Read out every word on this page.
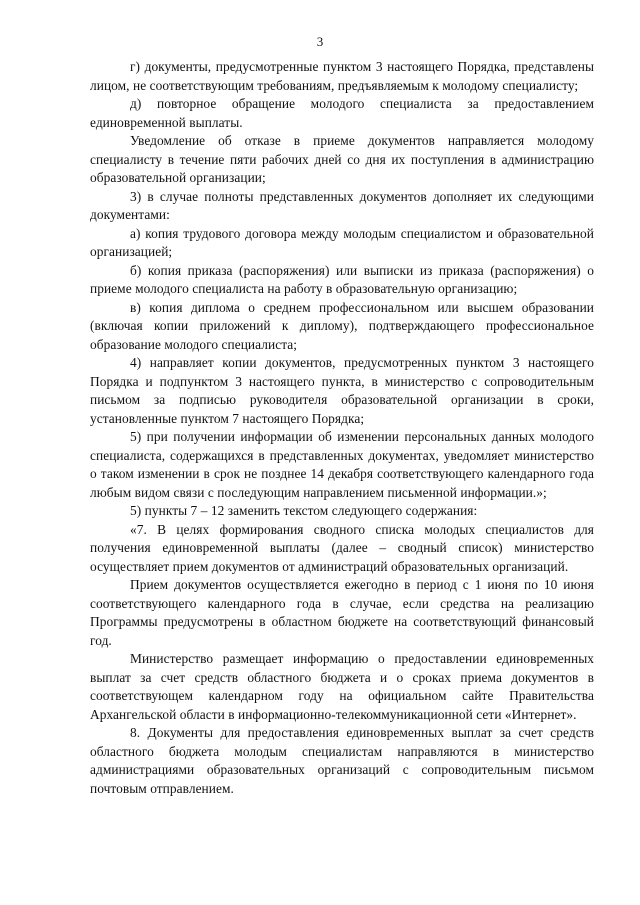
3

г) документы, предусмотренные пунктом 3 настоящего Порядка, представлены лицом, не соответствующим требованиям, предъявляемым к молодому специалисту;

д) повторное обращение молодого специалиста за предоставлением единовременной выплаты.

Уведомление об отказе в приеме документов направляется молодому специалисту в течение пяти рабочих дней со дня их поступления в администрацию образовательной организации;

3) в случае полноты представленных документов дополняет их следующими документами:

а) копия трудового договора между молодым специалистом и образовательной организацией;

б) копия приказа (распоряжения) или выписки из приказа (распоряжения) о приеме молодого специалиста на работу в образовательную организацию;

в) копия диплома о среднем профессиональном или высшем образовании (включая копии приложений к диплому), подтверждающего профессиональное образование молодого специалиста;

4) направляет копии документов, предусмотренных пунктом 3 настоящего Порядка и подпунктом 3 настоящего пункта, в министерство с сопроводительным письмом за подписью руководителя образовательной организации в сроки, установленные пунктом 7 настоящего Порядка;

5) при получении информации об изменении персональных данных молодого специалиста, содержащихся в представленных документах, уведомляет министерство о таком изменении в срок не позднее 14 декабря соответствующего календарного года любым видом связи с последующим направлением письменной информации.»;

5) пункты 7 – 12 заменить текстом следующего содержания:

«7. В целях формирования сводного списка молодых специалистов для получения единовременной выплаты (далее – сводный список) министерство осуществляет прием документов от администраций образовательных организаций.

Прием документов осуществляется ежегодно в период с 1 июня по 10 июня соответствующего календарного года в случае, если средства на реализацию Программы предусмотрены в областном бюджете на соответствующий финансовый год.

Министерство размещает информацию о предоставлении единовременных выплат за счет средств областного бюджета и о сроках приема документов в соответствующем календарном году на официальном сайте Правительства Архангельской области в информационно-телекоммуникационной сети «Интернет».

8. Документы для предоставления единовременных выплат за счет средств областного бюджета молодым специалистам направляются в министерство администрациями образовательных организаций с сопроводительным письмом почтовым отправлением.
